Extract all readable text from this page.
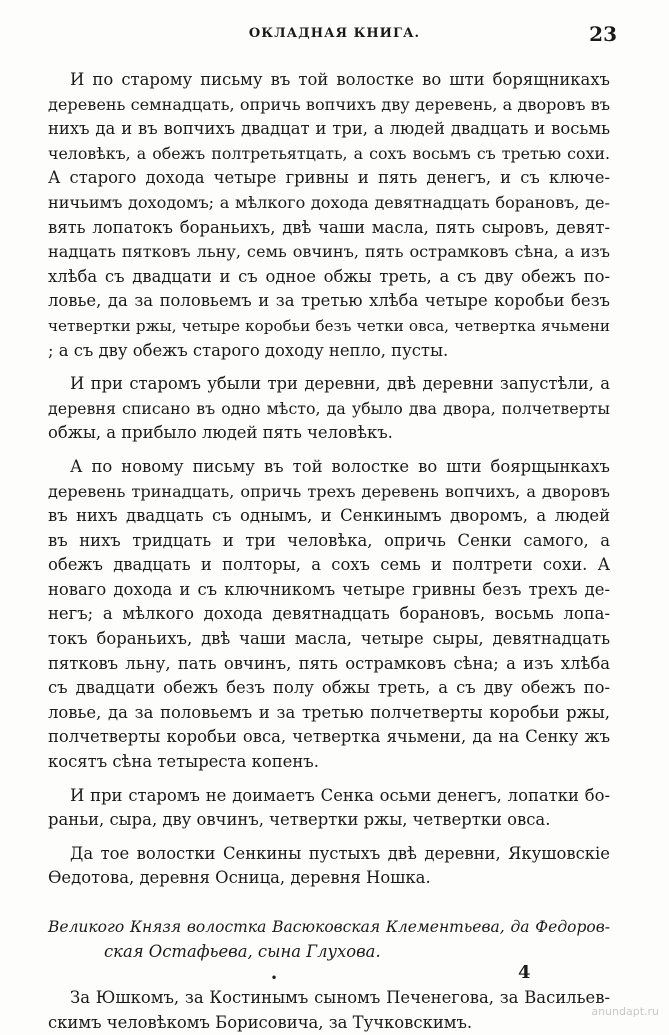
ОКЛАДНАЯ КНИГА.	23
И по старому письму въ той волостке во шти борящникахъ
деревень семнадцать, опричь вопчихъ дву деревень, а дворовъ въ
нихъ да и въ вопчихъ двадцат и три, а людей двадцать и восьмь
человѣкъ, а обежъ полтретьятцать, а сохъ восьмъ съ третью сохи.
А старого дохода четыре гривны и пять денегъ, и съ ключе-
ничьимъ доходомъ; а мѣлкого дохода девятнадцать борановъ, де-
вять лопатокъ бораньихъ, двѣ чаши масла, пять сыровъ, девят-
надцать пятковъ льну, семь овчинъ, пять острамковъ сѣна, а изъ
хлѣба съ двадцати и съ одное обжы треть, а съ дву обежъ по-
ловье, да за половьемъ и за третью хлѣба четыре коробьи безъ
четвертки ржы, четыре коробьи безъ четки овса, четвертка ячьмени
; а съ дву обежъ старого доходу непло, пусты.
И при старомъ убыли три деревни, двѣ деревни запустѣли, а
деревня списано въ одно мѣсто, да убыло два двора, полчетверты
обжы, а прибыло людей пять человѣкъ.
А по новому письму въ той волостке во шти боярщынкахъ
деревень тринадцать, опричь трехъ деревень вопчихъ, а дворовъ
въ нихъ двадцать съ однымъ, и Сенкинымъ дворомъ, а людей
въ нихъ тридцать и три человѣка, опричь Сенки самого, а
обежъ двадцать и полторы, а сохъ семь и полтрети сохи. А
новаго дохода и съ ключникомъ четыре гривны безъ трехъ де-
негъ; а мѣлкого дохода девятнадцать борановъ, восьмь лопа-
токъ бораньихъ, двѣ чаши масла, четыре сыры, девятнадцать
пятковъ льну, пать овчинъ, пять острамковъ сѣна; а изъ хлѣба
съ двадцати обежъ безъ полу обжы треть, а съ дву обежъ по-
ловье, да за половьемъ и за третью полчетверты коробьи ржы,
полчетверты коробьи овса, четвертка ячьмени, да на Сенку жъ
косятъ сѣна тетыреста копенъ.
И при старомъ не доимаетъ Сенка осьми денегъ, лопатки бо-
раньи, сыра, дву овчинъ, четвертки ржы, четвертки овса.
Да тое волостки Сенкины пустыхъ двѣ деревни, Якушовскіе
Ѳедотова, деревня Осница, деревня Ношка.
Великого Князя волостка Васюковская Клементьева, да Федоров-
ская Остафьева, сына Глухова.
•
За Юшкомъ, за Костинымъ сыномъ Печенегова, за Васильев-
скимъ человѣкомъ Борисовича, за Тучковскимъ.
4
anundapt.ru
